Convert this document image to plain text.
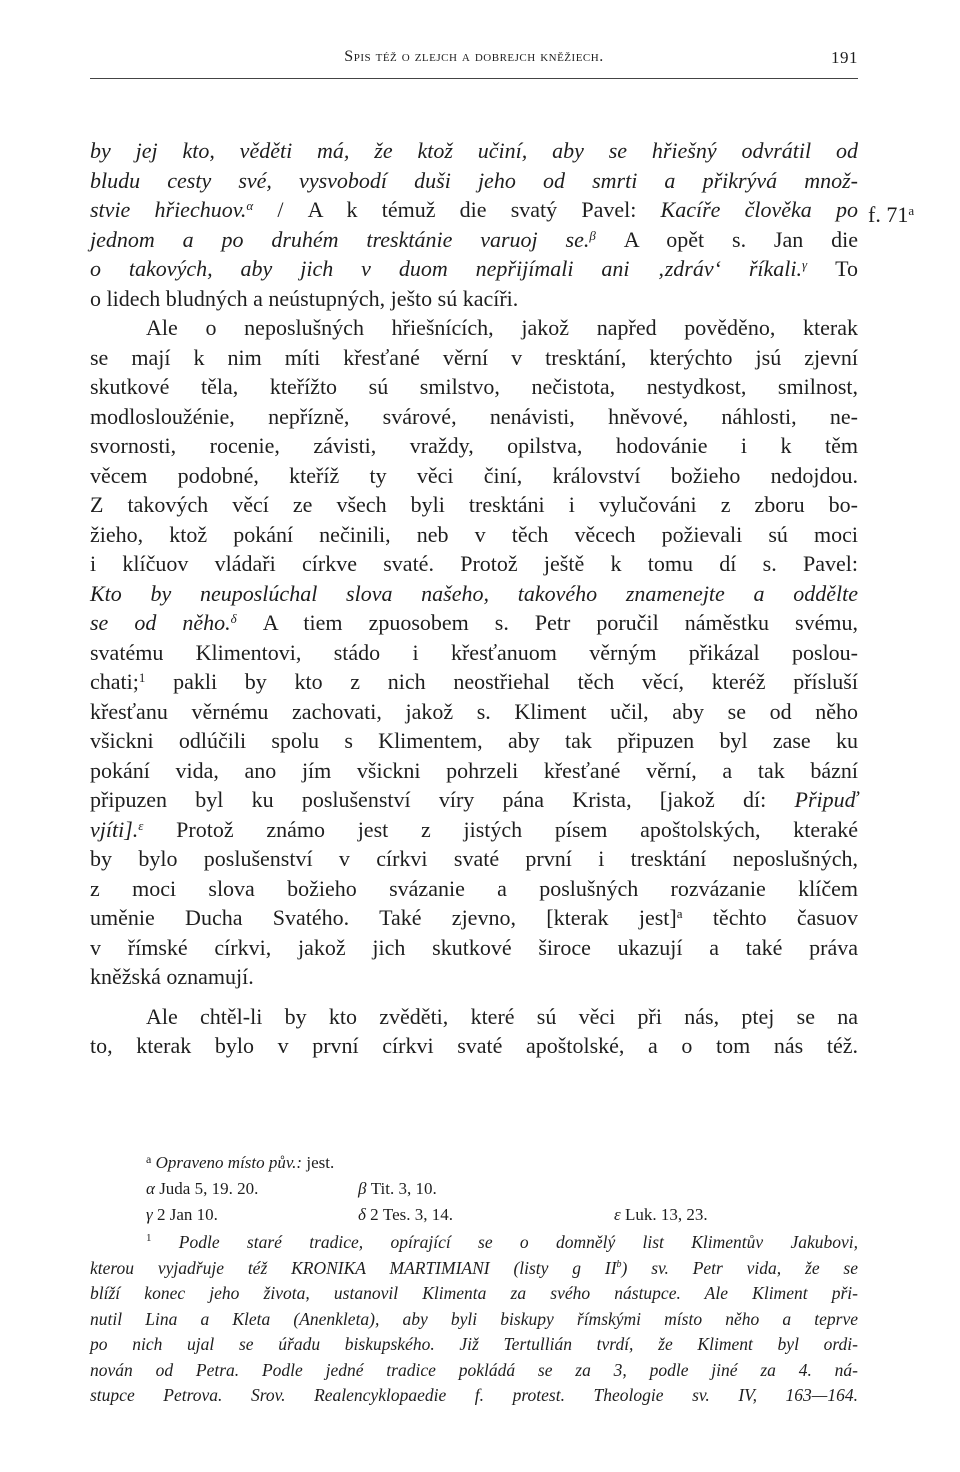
Spis též o zlejch a dobrejch kněžiech.	191
f. 71$^a$
by jej kto, věděti má, že ktož učiní, aby se hřiešný odvrátil od
bludu cesty své, vysvobodí duši jeho od smrti a přikrývá množ-
stvie hřiechuov.$^\alpha$ / A k témuž die svatý Pavel: Kacíře člověka po
jednom a po druhém tresktánie varuoj se.$^\beta$ A opět s. Jan die
o takových, aby jich v duom nepřijímali ani ‚zdráv‘ říkali.$^\gamma$ To
o lidech bludných a neústupných, ješto sú kacíři.
Ale o neposlušných hřiešnících, jakož napřed pověděno, kterak
se mají k nim míti křesťané věrní v tresktání, kterýchto jsú zjevní
skutkové těla, kteřížto sú smilstvo, nečistota, nestydkost, smilnost,
modlosloužénie, nepřízně, svárové, nenávisti, hněvové, náhlosti, ne-
svornosti, rocenie, závisti, vraždy, opilstva, hodovánie i k těm
věcem podobné, kteříž ty věci činí, království božieho nedojdou.
Z takových věcí ze všech byli tresktáni i vylučováni z zboru bo-
žieho, ktož pokání nečinili, neb v těch věcech požievali sú moci
i klíčuov vládaři církve svaté. Protož ještě k tomu dí s. Pavel:
Kto by neuposlúchal slova našeho, takového znamenejte a oddělte
se od něho.$^\delta$ A tiem zpuosobem s. Petr poručil náměstku svému,
svatému Klimentovi, stádo i křesťanuom věrným přikázal poslou-
chati;$^1$ pakli by kto z nich neostřiehal těch věcí, kteréž přísluší
křesťanu věrnému zachovati, jakož s. Kliment učil, aby se od něho
všickni odlúčili spolu s Klimentem, aby tak připuzen byl zase ku
pokání vida, ano jím všickni pohrzeli křesťané věrní, a tak bázní
připuzen byl ku poslušenství víry pána Krista, [jakož dí: Připuď
vjíti].$^\varepsilon$ Protož známo jest z jistých písem apoštolských, kteraké
by bylo poslušenství v církvi svaté první i tresktání neposlušných,
z moci slova božieho svázanie a poslušných rozvázanie klíčem
uměnie Ducha Svatého. Také zjevno, [kterak jest]$^a$ těchto časuov
v římské církvi, jakož jich skutkové široce ukazují a také práva
kněžská oznamují.
Ale chtěl-li by kto zvěděti, které sú věci při nás, ptej se na
to, kterak bylo v první církvi svaté apoštolské, a o tom nás též.
$^a$ Opraveno místo pův.: jest.
α Juda 5, 19. 20.	β Tit. 3, 10.
γ 2 Jan 10.	δ 2 Tes. 3, 14.	ε Luk. 13, 23.
$^1$ Podle staré tradice, opírající se o domnělý list Klimentův Jakubovi,
kterou vyjadřuje též KRONIKA MARTIMIANI (listy g $II^b$) sv. Petr vida, že se
blíží konec jeho života, ustanovil Klimenta za svého nástupce. Ale Kliment při-
nutil Lina a Kleta (Anenkleta), aby byli biskupy římskými místo něho a teprve
po nich ujal se úřadu biskupského. Již Tertullián tvrdí, že Kliment byl ordi-
nován od Petra. Podle jedné tradice pokládá se za 3, podle jiné za 4. ná-
stupce Petrova. Srov. Realencyklopaedie f. protest. Theologie sv. IV, 163—164.
